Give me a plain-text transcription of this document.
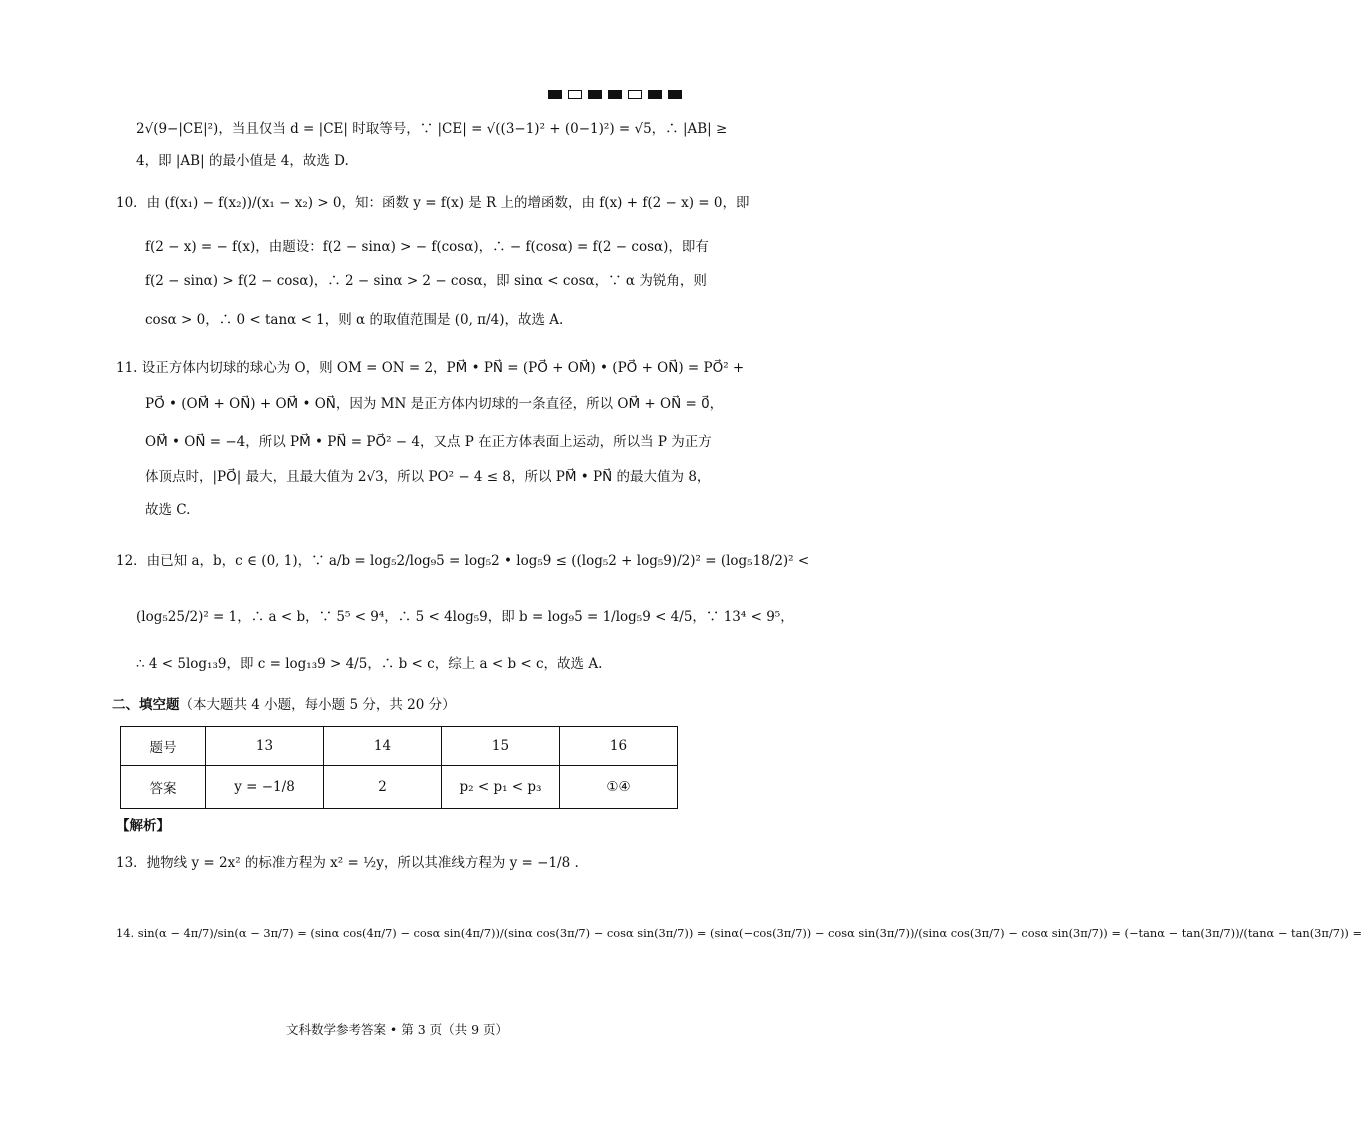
2√(9−|CE|²)，当且仅当 d = |CE| 时取等号，∵ |CE| = √((3−1)² + (0−1)²) = √5，∴ |AB| ≥
4，即 |AB| 的最小值是 4，故选 D.
10．由 (f(x₁) − f(x₂))/(x₁ − x₂) > 0，知：函数 y = f(x) 是 R 上的增函数，由 f(x) + f(2 − x) = 0，即
f(2 − x) = − f(x)，由题设：f(2 − sinα) > − f(cosα)，∴ − f(cosα) = f(2 − cosα)，即有
f(2 − sinα) > f(2 − cosα)，∴ 2 − sinα > 2 − cosα，即 sinα < cosα，∵ α 为锐角，则
cosα > 0，∴ 0 < tanα < 1，则 α 的取值范围是 (0, π/4)，故选 A.
11. 设正方体内切球的球心为 O，则 OM = ON = 2，PM⃗ • PN⃗ = (PO⃗ + OM⃗) • (PO⃗ + ON⃗) = PO⃗² +
PO⃗ • (OM⃗ + ON⃗) + OM⃗ • ON⃗，因为 MN 是正方体内切球的一条直径，所以 OM⃗ + ON⃗ = 0⃗，
OM⃗ • ON⃗ = −4，所以 PM⃗ • PN⃗ = PO⃗² − 4，又点 P 在正方体表面上运动，所以当 P 为正方
体顶点时，|PO⃗| 最大，且最大值为 2√3，所以 PO² − 4 ≤ 8，所以 PM⃗ • PN⃗ 的最大值为 8，
故选 C.
12．由已知 a，b，c ∈ (0, 1)，∵ a/b = log₅2/log₉5 = log₅2 • log₅9 ≤ ((log₅2 + log₅9)/2)² = (log₅18/2)² <
(log₅25/2)² = 1，∴ a < b，∵ 5⁵ < 9⁴，∴ 5 < 4log₅9，即 b = log₉5 = 1/log₅9 < 4/5，∵ 13⁴ < 9⁵，
∴ 4 < 5log₁₃9，即 c = log₁₃9 > 4/5，∴ b < c，综上 a < b < c，故选 A.
二、填空题（本大题共 4 小题，每小题 5 分，共 20 分）
题号	13	14	15	16
答案	y = −1/8	2	p₂ < p₁ < p₃	①④
【解析】
13．抛物线 y = 2x² 的标准方程为 x² = ½y，所以其准线方程为 y = −1/8 .
14. sin(α − 4π/7)/sin(α − 3π/7) = (sinα cos(4π/7) − cosα sin(4π/7))/(sinα cos(3π/7) − cosα sin(3π/7)) = (sinα(−cos(3π/7)) − cosα sin(3π/7))/(sinα cos(3π/7) − cosα sin(3π/7)) = (−tanα − tan(3π/7))/(tanα − tan(3π/7)) =
文科数学参考答案 • 第 3 页（共 9 页）
